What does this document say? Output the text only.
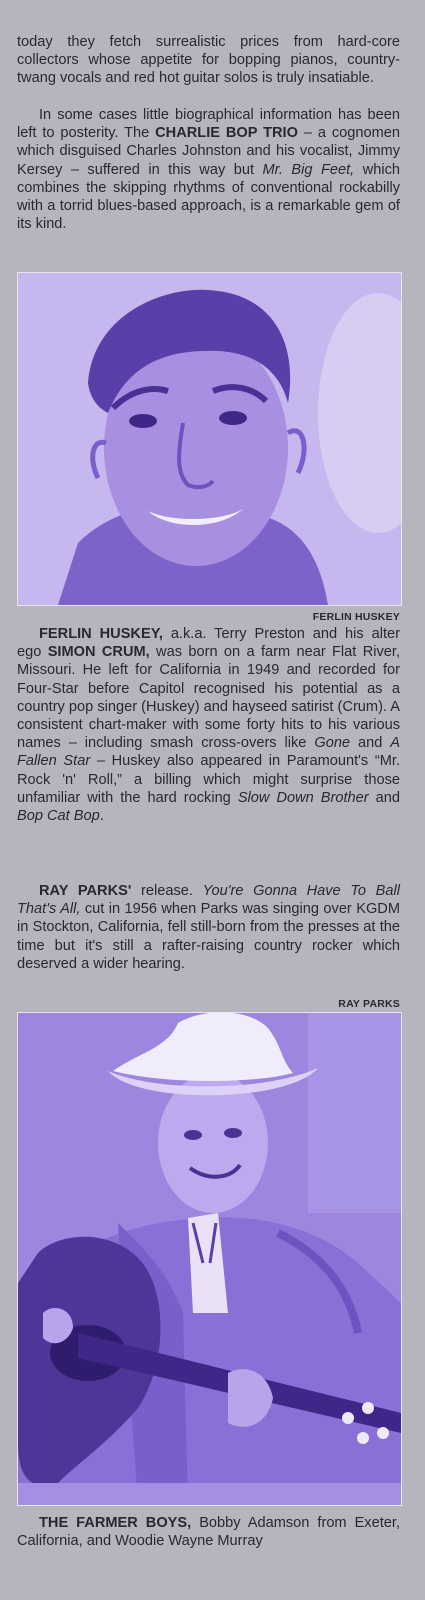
today they fetch surrealistic prices from hard-core collectors whose appetite for bopping pianos, country-twang vocals and red hot guitar solos is truly insatiable.

In some cases little biographical information has been left to posterity. The CHARLIE BOP TRIO – a cognomen which disguised Charles Johnston and his vocalist, Jimmy Kersey – suffered in this way but Mr. Big Feet, which combines the skipping rhythms of conventional rockabilly with a torrid blues-based approach, is a remarkable gem of its kind.

FERLIN HUSKEY

FERLIN HUSKEY, a.k.a. Terry Preston and his alter ego SIMON CRUM, was born on a farm near Flat River, Missouri. He left for California in 1949 and recorded for Four-Star before Capitol recognised his potential as a country pop singer (Huskey) and hayseed satirist (Crum). A consistent chart-maker with some forty hits to his various names – including smash cross-overs like Gone and A Fallen Star – Huskey also appeared in Paramount's “Mr. Rock 'n' Roll,” a billing which might surprise those unfamiliar with the hard rocking Slow Down Brother and Bop Cat Bop.

RAY PARKS' release. You're Gonna Have To Ball That's All, cut in 1956 when Parks was singing over KGDM in Stockton, California, fell still-born from the presses at the time but it's still a rafter-raising country rocker which deserved a wider hearing.

RAY PARKS

THE FARMER BOYS, Bobby Adamson from Exeter, California, and Woodie Wayne Murray
